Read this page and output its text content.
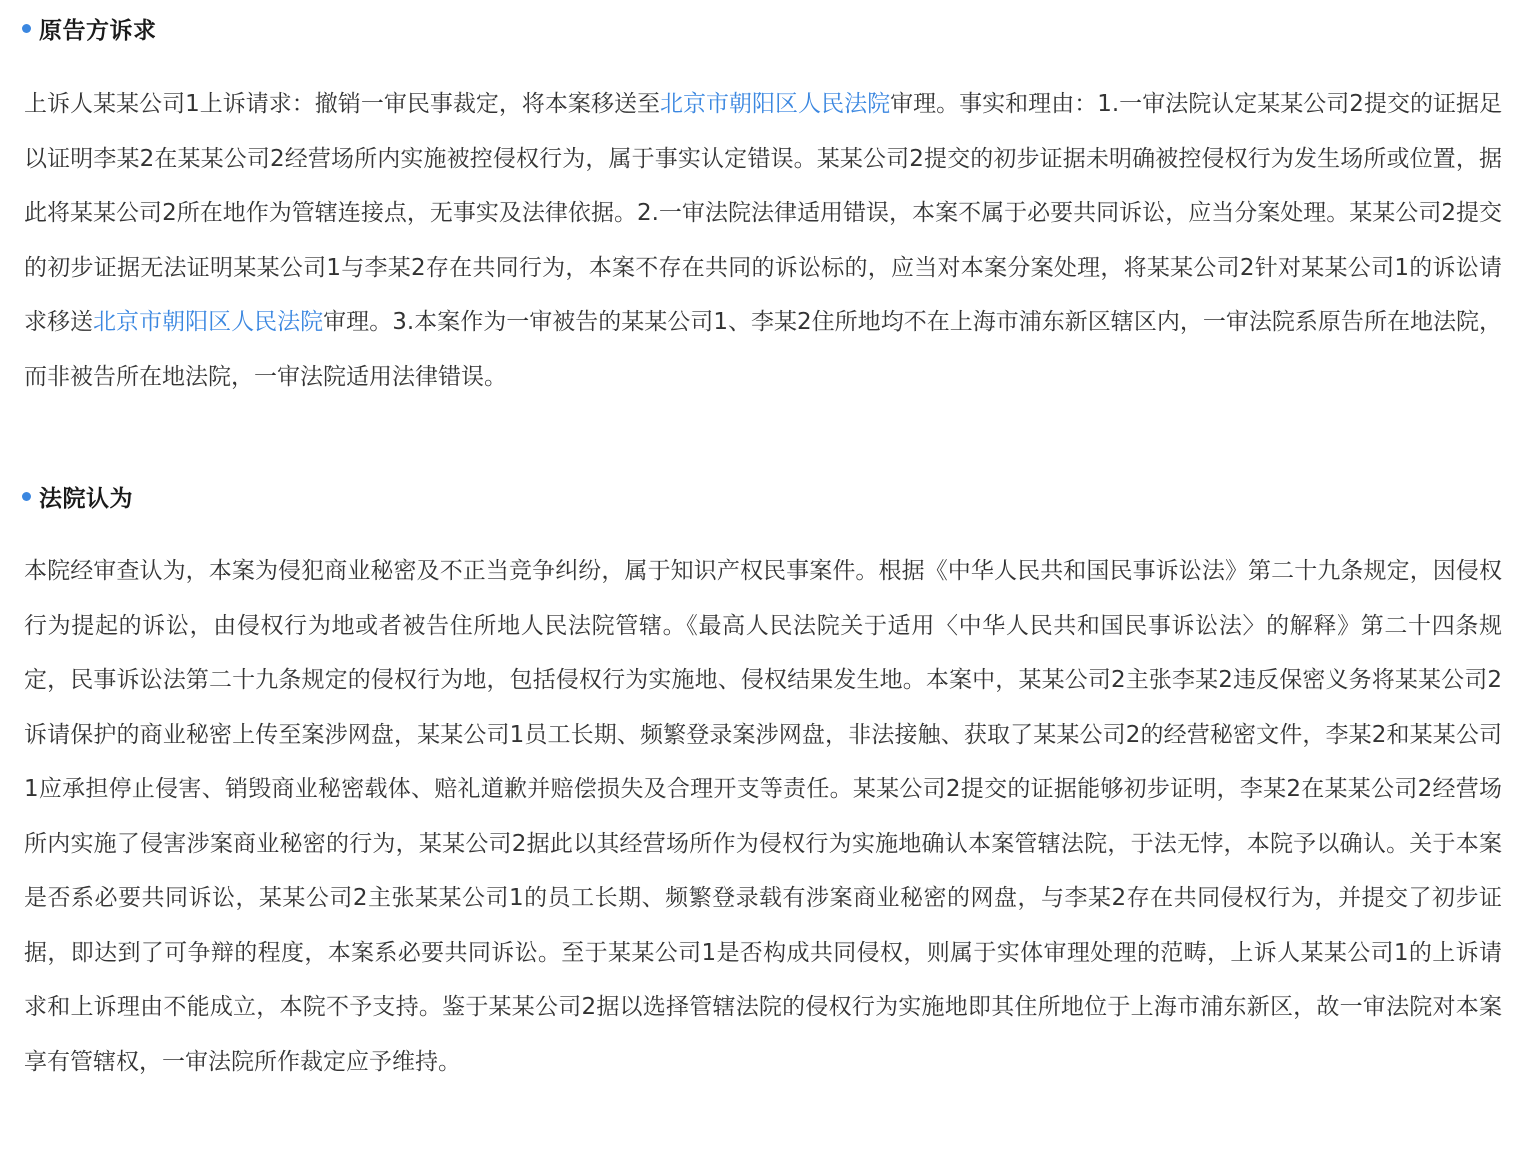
原告方诉求

上诉人某某公司1上诉请求：撤销一审民事裁定，将本案移送至北京市朝阳区人民法院审理。事实和理由：1.一审法院认定某某公司2提交的证据足以证明李某2在某某公司2经营场所内实施被控侵权行为，属于事实认定错误。某某公司2提交的初步证据未明确被控侵权行为发生场所或位置，据此将某某公司2所在地作为管辖连接点，无事实及法律依据。2.一审法院法律适用错误，本案不属于必要共同诉讼，应当分案处理。某某公司2提交的初步证据无法证明某某公司1与李某2存在共同行为，本案不存在共同的诉讼标的，应当对本案分案处理，将某某公司2针对某某公司1的诉讼请求移送北京市朝阳区人民法院审理。3.本案作为一审被告的某某公司1、李某2住所地均不在上海市浦东新区辖区内，一审法院系原告所在地法院，而非被告所在地法院，一审法院适用法律错误。

法院认为

本院经审查认为，本案为侵犯商业秘密及不正当竞争纠纷，属于知识产权民事案件。根据《中华人民共和国民事诉讼法》第二十九条规定，因侵权行为提起的诉讼，由侵权行为地或者被告住所地人民法院管辖。《最高人民法院关于适用〈中华人民共和国民事诉讼法〉的解释》第二十四条规定，民事诉讼法第二十九条规定的侵权行为地，包括侵权行为实施地、侵权结果发生地。本案中，某某公司2主张李某2违反保密义务将某某公司2诉请保护的商业秘密上传至案涉网盘，某某公司1员工长期、频繁登录案涉网盘，非法接触、获取了某某公司2的经营秘密文件，李某2和某某公司1应承担停止侵害、销毁商业秘密载体、赔礼道歉并赔偿损失及合理开支等责任。某某公司2提交的证据能够初步证明，李某2在某某公司2经营场所内实施了侵害涉案商业秘密的行为，某某公司2据此以其经营场所作为侵权行为实施地确认本案管辖法院，于法无悖，本院予以确认。关于本案是否系必要共同诉讼，某某公司2主张某某公司1的员工长期、频繁登录载有涉案商业秘密的网盘，与李某2存在共同侵权行为，并提交了初步证据，即达到了可争辩的程度，本案系必要共同诉讼。至于某某公司1是否构成共同侵权，则属于实体审理处理的范畴，上诉人某某公司1的上诉请求和上诉理由不能成立，本院不予支持。鉴于某某公司2据以选择管辖法院的侵权行为实施地即其住所地位于上海市浦东新区，故一审法院对本案享有管辖权，一审法院所作裁定应予维持。
